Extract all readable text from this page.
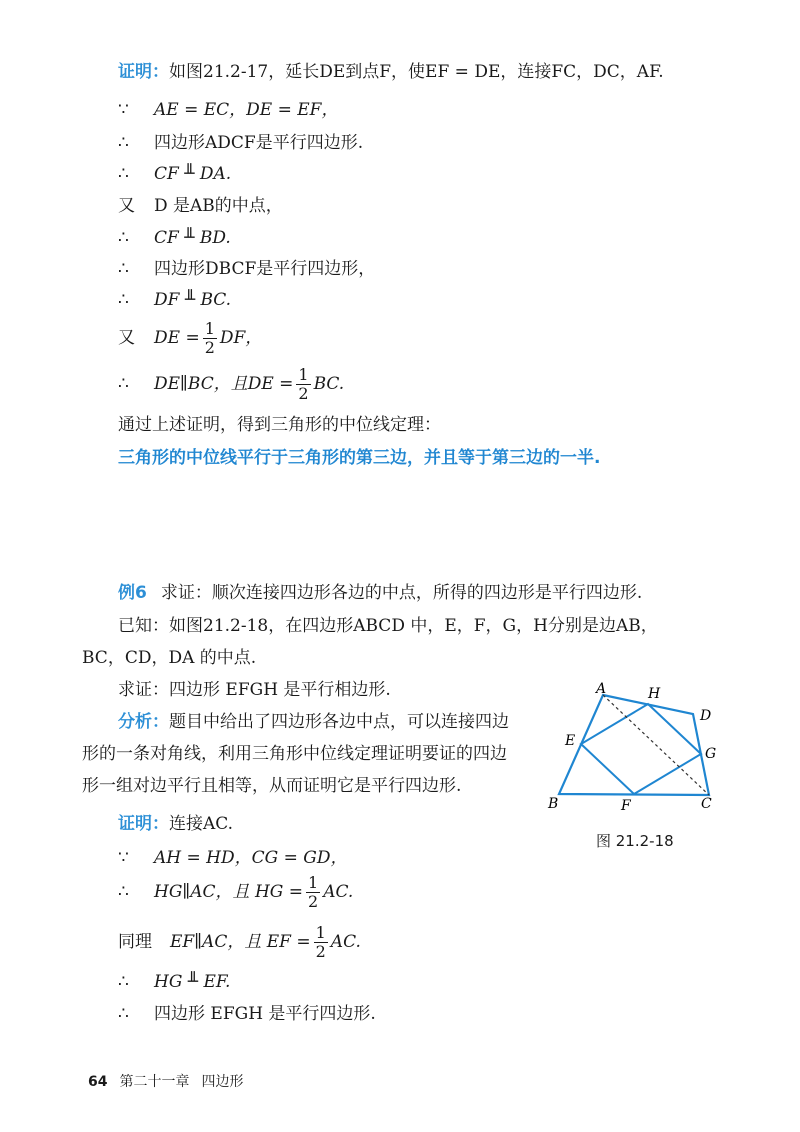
证明：如图21.2-17，延长DE到点F，使EF = DE，连接FC，DC，AF.
∵ AE = EC，DE = EF，
∴ 四边形ADCF是平行四边形.
∴ CF ╨ DA.
又 D 是AB的中点，
∴ CF ╨ BD.
∴ 四边形DBCF是平行四边形，
∴ DF ╨ BC.
又 DE = $\frac{1}{2}$ DF，
∴ DE∥BC，且DE = $\frac{1}{2}$ BC.
通过上述证明，得到三角形的中位线定理：
三角形的中位线平行于三角形的第三边，并且等于第三边的一半.
例6 求证：顺次连接四边形各边的中点，所得的四边形是平行四边形.
已知：如图21.2-18，在四边形ABCD 中，E，F，G，H分别是边AB，
BC，CD，DA 的中点.
求证：四边形 EFGH 是平行相边形.
分析：题目中给出了四边形各边中点，可以连接四边
形的一条对角线，利用三角形中位线定理证明要证的四边
形一组对边平行且相等，从而证明它是平行四边形.
证明：连接AC.
∵ AH = HD，CG = GD，
∴ HG∥AC，且 HG = $\frac{1}{2}$ AC.
同理 EF∥AC，且 EF = $\frac{1}{2}$ AC.
∴ HG ╨ EF.
∴ 四边形 EFGH 是平行四边形.
A	H
D
E
G
B	F	C
图 21.2-18
64 第二十一章 四边形
